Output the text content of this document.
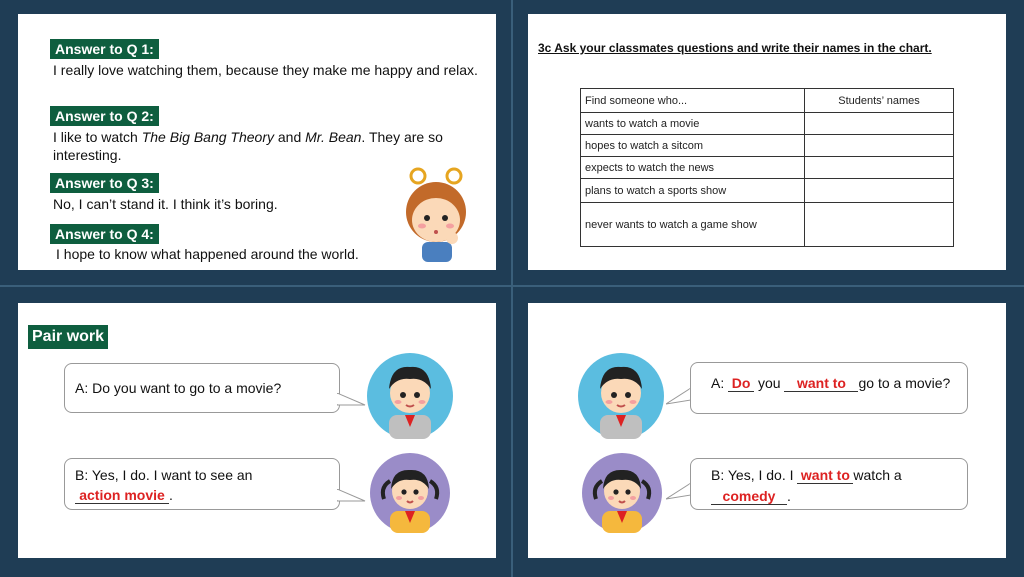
Answer to Q 1:
I really love watching them, because they make me happy and relax.
Answer to Q 2:
I like to watch The Big Bang Theory and Mr. Bean. They are so interesting.
Answer to Q 3:
No, I can’t stand it. I think it’s boring.
Answer to Q 4:
I hope to know what happened around the world.
3c Ask your classmates questions and write their names in the chart.
Find someone who...	Students’ names
wants to watch a movie	
hopes to watch a sitcom	
expects to watch the news	
plans to watch a sports show	
never wants to watch a game show	
Pair work
A: Do you want to go to a movie?
B: Yes, I do. I want to see an
action movie .
A: Do you want to go to a movie?
B: Yes, I do. I want to watch a
comedy .
